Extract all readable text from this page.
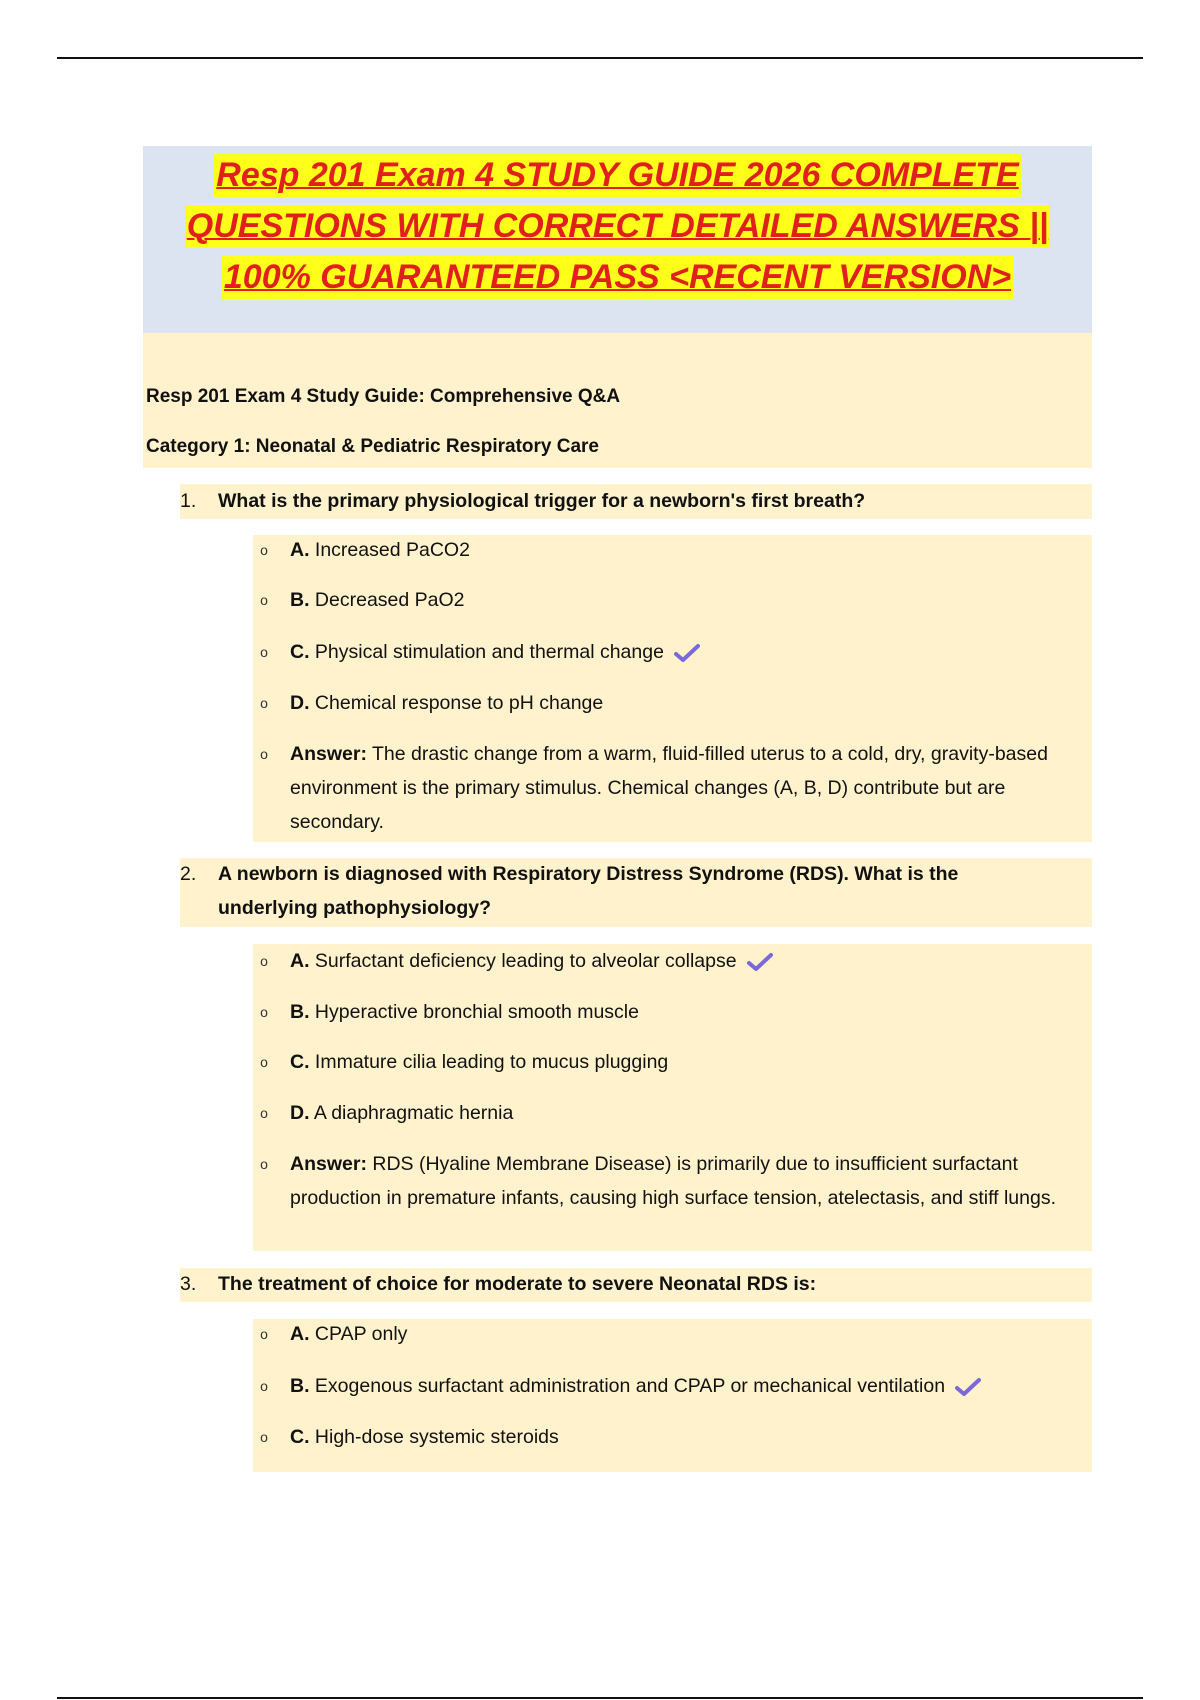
Resp 201 Exam 4 STUDY GUIDE 2026 COMPLETE
QUESTIONS WITH CORRECT DETAILED ANSWERS ||
100% GUARANTEED PASS <RECENT VERSION>
Resp 201 Exam 4 Study Guide: Comprehensive Q&A
Category 1: Neonatal & Pediatric Respiratory Care
1. What is the primary physiological trigger for a newborn's first breath?
o	A. Increased PaCO2
o	B. Decreased PaO2
o	C. Physical stimulation and thermal change
o	D. Chemical response to pH change
o	Answer: The drastic change from a warm, fluid-filled uterus to a cold, dry, gravity-based environment is the primary stimulus. Chemical changes (A, B, D) contribute but are secondary.
2. A newborn is diagnosed with Respiratory Distress Syndrome (RDS). What is the underlying pathophysiology?
o	A. Surfactant deficiency leading to alveolar collapse
o	B. Hyperactive bronchial smooth muscle
o	C. Immature cilia leading to mucus plugging
o	D. A diaphragmatic hernia
o	Answer: RDS (Hyaline Membrane Disease) is primarily due to insufficient surfactant production in premature infants, causing high surface tension, atelectasis, and stiff lungs.
3. The treatment of choice for moderate to severe Neonatal RDS is:
o	A. CPAP only
o	B. Exogenous surfactant administration and CPAP or mechanical ventilation
o	C. High-dose systemic steroids
